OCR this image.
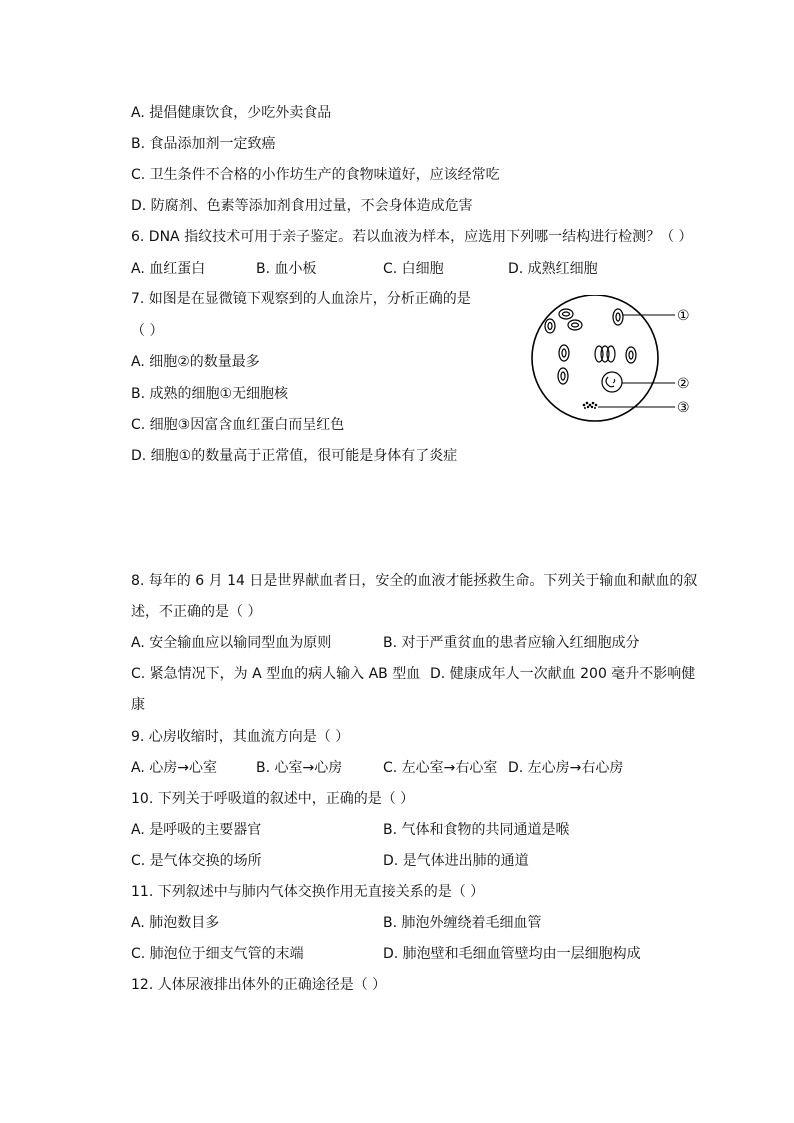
A. 提倡健康饮食，少吃外卖食品
B. 食品添加剂一定致癌
C. 卫生条件不合格的小作坊生产的食物味道好，应该经常吃
D. 防腐剂、色素等添加剂食用过量，不会身体造成危害
6. DNA 指纹技术可用于亲子鉴定。若以血液为样本，应选用下列哪一结构进行检测？（ ）
A. 血红蛋白	B. 血小板	C. 白细胞	D. 成熟红细胞
7. 如图是在显微镜下观察到的人血涂片，分析正确的是
（ ）
A. 细胞②的数量最多
B. 成熟的细胞①无细胞核
C. 细胞③因富含血红蛋白而呈红色
D. 细胞①的数量高于正常值，很可能是身体有了炎症
①
②
③
8. 每年的 6 月 14 日是世界献血者日，安全的血液才能拯救生命。下列关于输血和献血的叙
述，不正确的是（ ）
A. 安全输血应以输同型血为原则	B. 对于严重贫血的患者应输入红细胞成分
C. 紧急情况下，为 A 型血的病人输入 AB 型血 D. 健康成年人一次献血 200 毫升不影响健
康
9. 心房收缩时，其血流方向是（ ）
A. 心房→心室	B. 心室→心房	C. 左心室→右心室 D. 左心房→右心房
10. 下列关于呼吸道的叙述中，正确的是（ ）
A. 是呼吸的主要器官	B. 气体和食物的共同通道是喉
C. 是气体交换的场所	D. 是气体进出肺的通道
11. 下列叙述中与肺内气体交换作用无直接关系的是（ ）
A. 肺泡数目多	B. 肺泡外缠绕着毛细血管
C. 肺泡位于细支气管的末端	D. 肺泡壁和毛细血管壁均由一层细胞构成
12. 人体尿液排出体外的正确途径是（ ）
